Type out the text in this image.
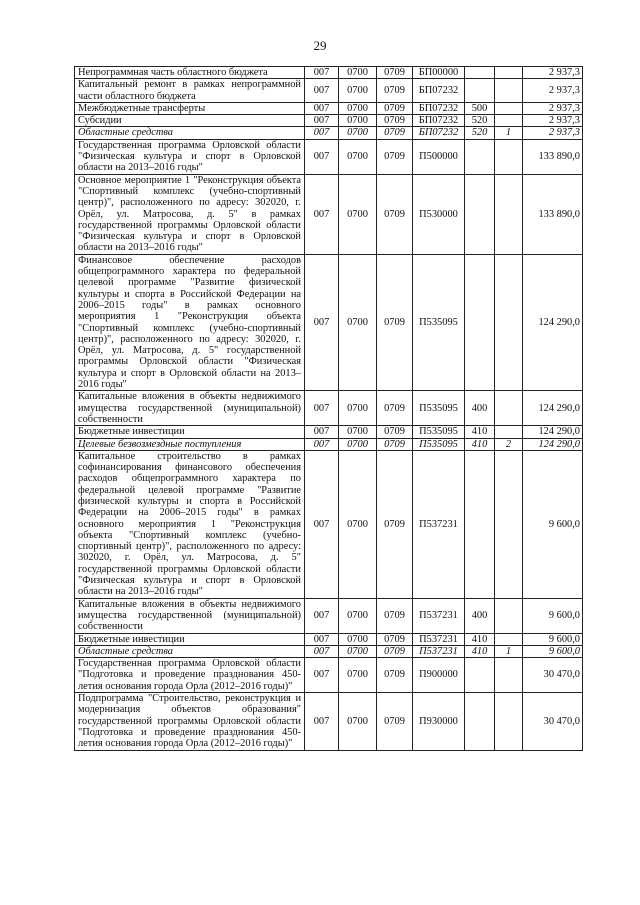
29
Непрограммная часть областного бюджета	007	0700	0709	БП00000			2 937,3
Капитальный ремонт в рамках непрограммной части областного бюджета	007	0700	0709	БП07232			2 937,3
Межбюджетные трансферты	007	0700	0709	БП07232	500		2 937,3
Субсидии	007	0700	0709	БП07232	520		2 937,3
Областные средства	007	0700	0709	БП07232	520	1	2 937,3
Государственная программа Орловской области "Физическая культура и спорт в Орловской области на 2013–2016 годы"	007	0700	0709	П500000			133 890,0
Основное мероприятие 1 "Реконструкция объекта "Спортивный комплекс (учебно-спортивный центр)", расположенного по адресу: 302020, г. Орёл, ул. Матросова, д. 5" в рамках государственной программы Орловской области "Физическая культура и спорт в Орловской области на 2013–2016 годы"	007	0700	0709	П530000			133 890,0
Финансовое обеспечение расходов общепрограммного характера по федеральной целевой программе "Развитие физической культуры и спорта в Российской Федерации на 2006–2015 годы" в рамках основного мероприятия 1 "Реконструкция объекта "Спортивный комплекс (учебно-спортивный центр)", расположенного по адресу: 302020, г. Орёл, ул. Матросова, д. 5" государственной программы Орловской области "Физическая культура и спорт в Орловской области на 2013–2016 годы"	007	0700	0709	П535095			124 290,0
Капитальные вложения в объекты недвижимого имущества государственной (муниципальной) собственности	007	0700	0709	П535095	400		124 290,0
Бюджетные инвестиции	007	0700	0709	П535095	410		124 290,0
Целевые безвозмездные поступления	007	0700	0709	П535095	410	2	124 290,0
Капитальное строительство в рамках софинансирования финансового обеспечения расходов общепрограммного характера по федеральной целевой программе "Развитие физической культуры и спорта в Российской Федерации на 2006–2015 годы" в рамках основного мероприятия 1 "Реконструкция объекта "Спортивный комплекс (учебно-спортивный центр)", расположенного по адресу: 302020, г. Орёл, ул. Матросова, д. 5" государственной программы Орловской области "Физическая культура и спорт в Орловской области на 2013–2016 годы"	007	0700	0709	П537231			9 600,0
Капитальные вложения в объекты недвижимого имущества государственной (муниципальной) собственности	007	0700	0709	П537231	400		9 600,0
Бюджетные инвестиции	007	0700	0709	П537231	410		9 600,0
Областные средства	007	0700	0709	П537231	410	1	9 600,0
Государственная программа Орловской области "Подготовка и проведение празднования 450-летия основания города Орла (2012–2016 годы)"	007	0700	0709	П900000			30 470,0
Подпрограмма "Строительство, реконструкция и модернизация объектов образования" государственной программы Орловской области "Подготовка и проведение празднования 450-летия основания города Орла (2012–2016 годы)"	007	0700	0709	П930000			30 470,0
